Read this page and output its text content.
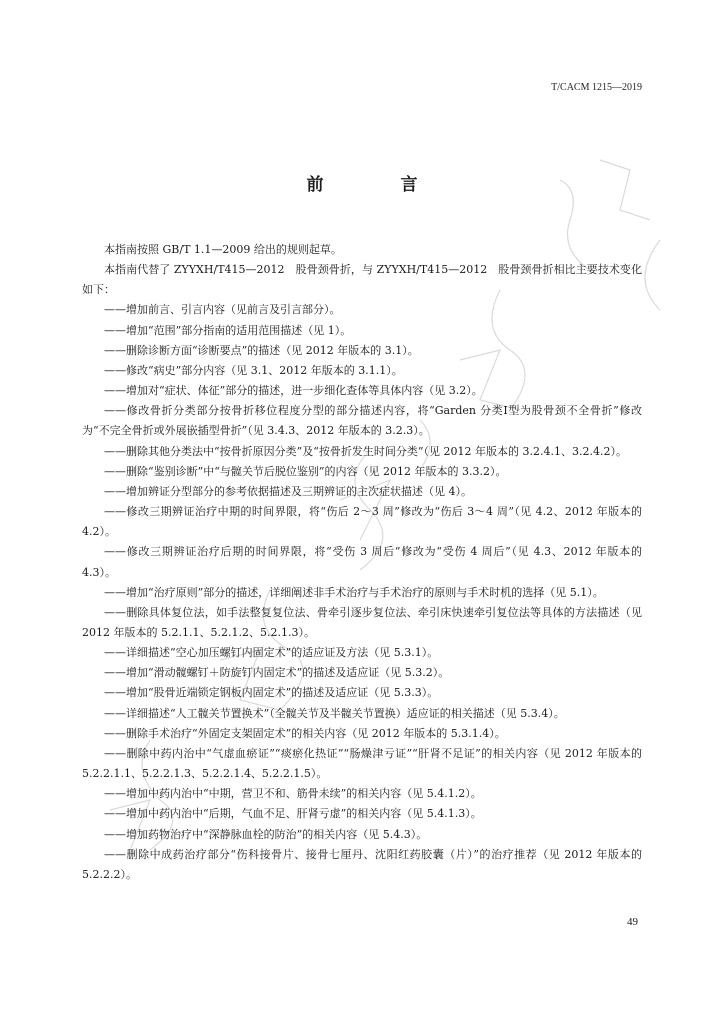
T/CACM 1215—2019
前　言

本指南按照 GB/T 1.1—2009 给出的规则起草。

本指南代替了 ZYYXH/T415—2012　股骨颈骨折，与 ZYYXH/T415—2012　股骨颈骨折相比主要技术变化如下：

——增加前言、引言内容（见前言及引言部分）。

——增加“范围”部分指南的适用范围描述（见 1）。

——删除诊断方面“诊断要点”的描述（见 2012 年版本的 3.1）。

——修改“病史”部分内容（见 3.1、2012 年版本的 3.1.1）。

——增加对“症状、体征”部分的描述，进一步细化查体等具体内容（见 3.2）。

——修改骨折分类部分按骨折移位程度分型的部分描述内容，将“Garden 分类Ⅰ型为股骨颈不全骨折”修改为“不完全骨折或外展嵌插型骨折”（见 3.4.3、2012 年版本的 3.2.3）。

——删除其他分类法中“按骨折原因分类”及“按骨折发生时间分类”（见 2012 年版本的 3.2.4.1、3.2.4.2）。

——删除“鉴别诊断”中“与髋关节后脱位鉴别”的内容（见 2012 年版本的 3.3.2）。

——增加辨证分型部分的参考依据描述及三期辨证的主次症状描述（见 4）。

——修改三期辨证治疗中期的时间界限，将“伤后 2～3 周”修改为“伤后 3～4 周”（见 4.2、2012 年版本的 4.2）。

——修改三期辨证治疗后期的时间界限，将“受伤 3 周后”修改为“受伤 4 周后”（见 4.3、2012 年版本的 4.3）。

——增加“治疗原则”部分的描述，详细阐述非手术治疗与手术治疗的原则与手术时机的选择（见 5.1）。

——删除具体复位法，如手法整复复位法、骨牵引逐步复位法、牵引床快速牵引复位法等具体的方法描述（见 2012 年版本的 5.2.1.1、5.2.1.2、5.2.1.3）。

——详细描述“空心加压螺钉内固定术”的适应证及方法（见 5.3.1）。

——增加“滑动髋螺钉＋防旋钉内固定术”的描述及适应证（见 5.3.2）。

——增加“股骨近端锁定钢板内固定术”的描述及适应证（见 5.3.3）。

——详细描述“人工髋关节置换术”（全髋关节及半髋关节置换）适应证的相关描述（见 5.3.4）。

——删除手术治疗“外固定支架固定术”的相关内容（见 2012 年版本的 5.3.1.4）。

——删除中药内治中“气虚血瘀证”“痰瘀化热证”“肠燥津亏证”“肝肾不足证”的相关内容（见 2012 年版本的 5.2.2.1.1、5.2.2.1.3、5.2.2.1.4、5.2.2.1.5）。

——增加中药内治中“中期，营卫不和、筋骨未续”的相关内容（见 5.4.1.2）。

——增加中药内治中“后期，气血不足、肝肾亏虚”的相关内容（见 5.4.1.3）。

——增加药物治疗中“深静脉血栓的防治”的相关内容（见 5.4.3）。

——删除中成药治疗部分“伤科接骨片、接骨七厘丹、沈阳红药胶囊（片）”的治疗推荐（见 2012 年版本的 5.2.2.2）。

49
